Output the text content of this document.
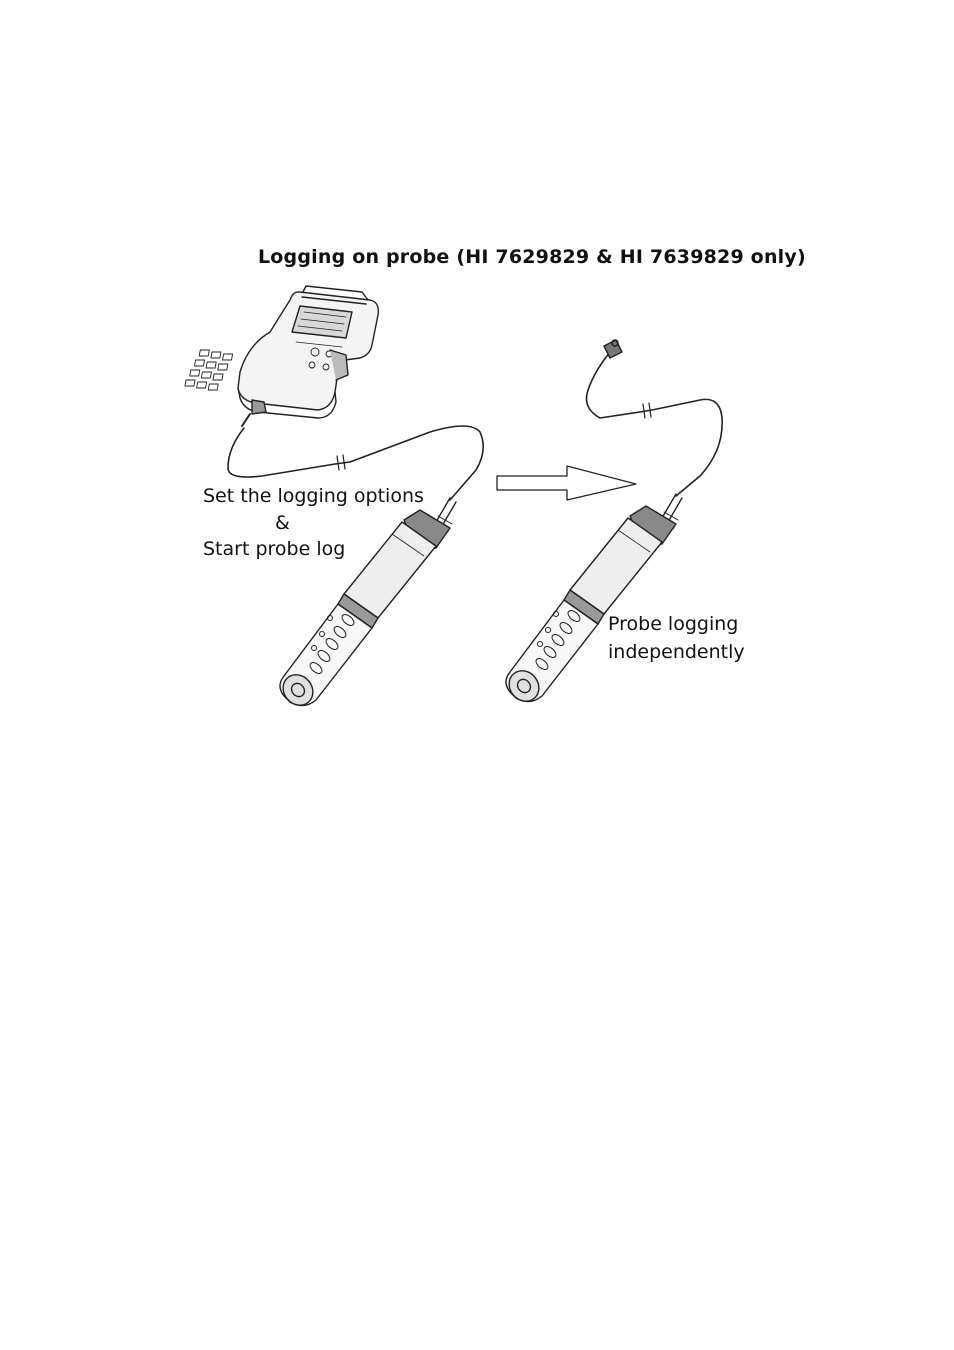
Logging on probe (HI 7629829 & HI 7639829 only)
Set the logging options
&
Start probe log
Probe logging
independently
